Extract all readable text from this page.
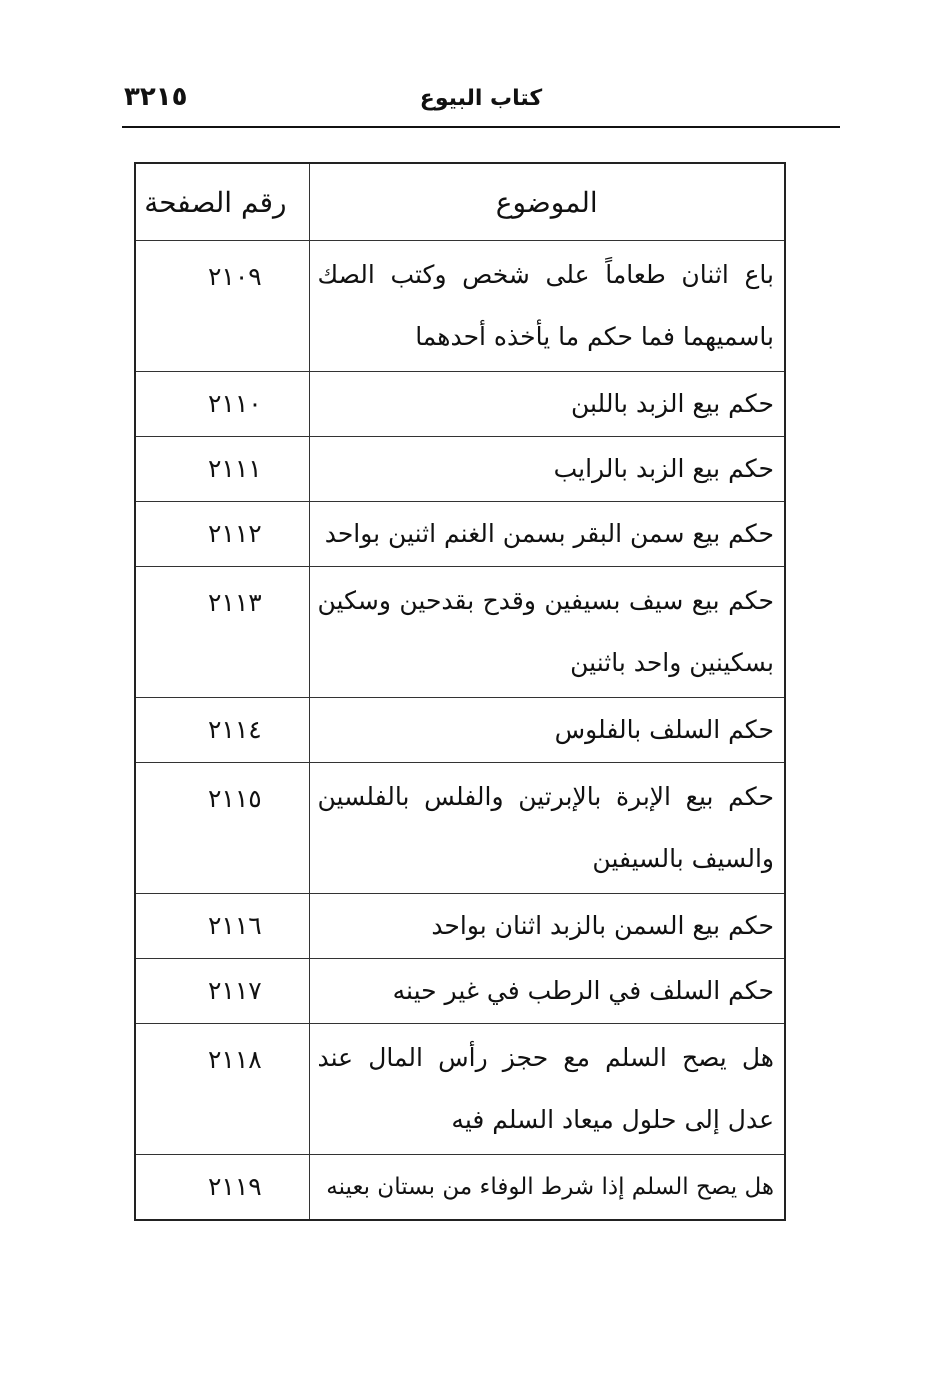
كتاب البيوع
٣٢١٥
الموضوع	رقم الصفحة
باع اثنان طعاماً على شخص وكتب الصك باسميهما فما حكم ما يأخذه أحدهما	٢١٠٩
حكم بيع الزبد باللبن	٢١١٠
حكم بيع الزبد بالرايب	٢١١١
حكم بيع سمن البقر بسمن الغنم اثنين بواحد	٢١١٢
حكم بيع سيف بسيفين وقدح بقدحين وسكين بسكينين واحد باثنين	٢١١٣
حكم السلف بالفلوس	٢١١٤
حكم بيع الإبرة بالإبرتين والفلس بالفلسين والسيف بالسيفين	٢١١٥
حكم بيع السمن بالزبد اثنان بواحد	٢١١٦
حكم السلف في الرطب في غير حينه	٢١١٧
هل يصح السلم مع حجز رأس المال عند عدل إلى حلول ميعاد السلم فيه	٢١١٨
هل يصح السلم إذا شرط الوفاء من بستان بعينه	٢١١٩
